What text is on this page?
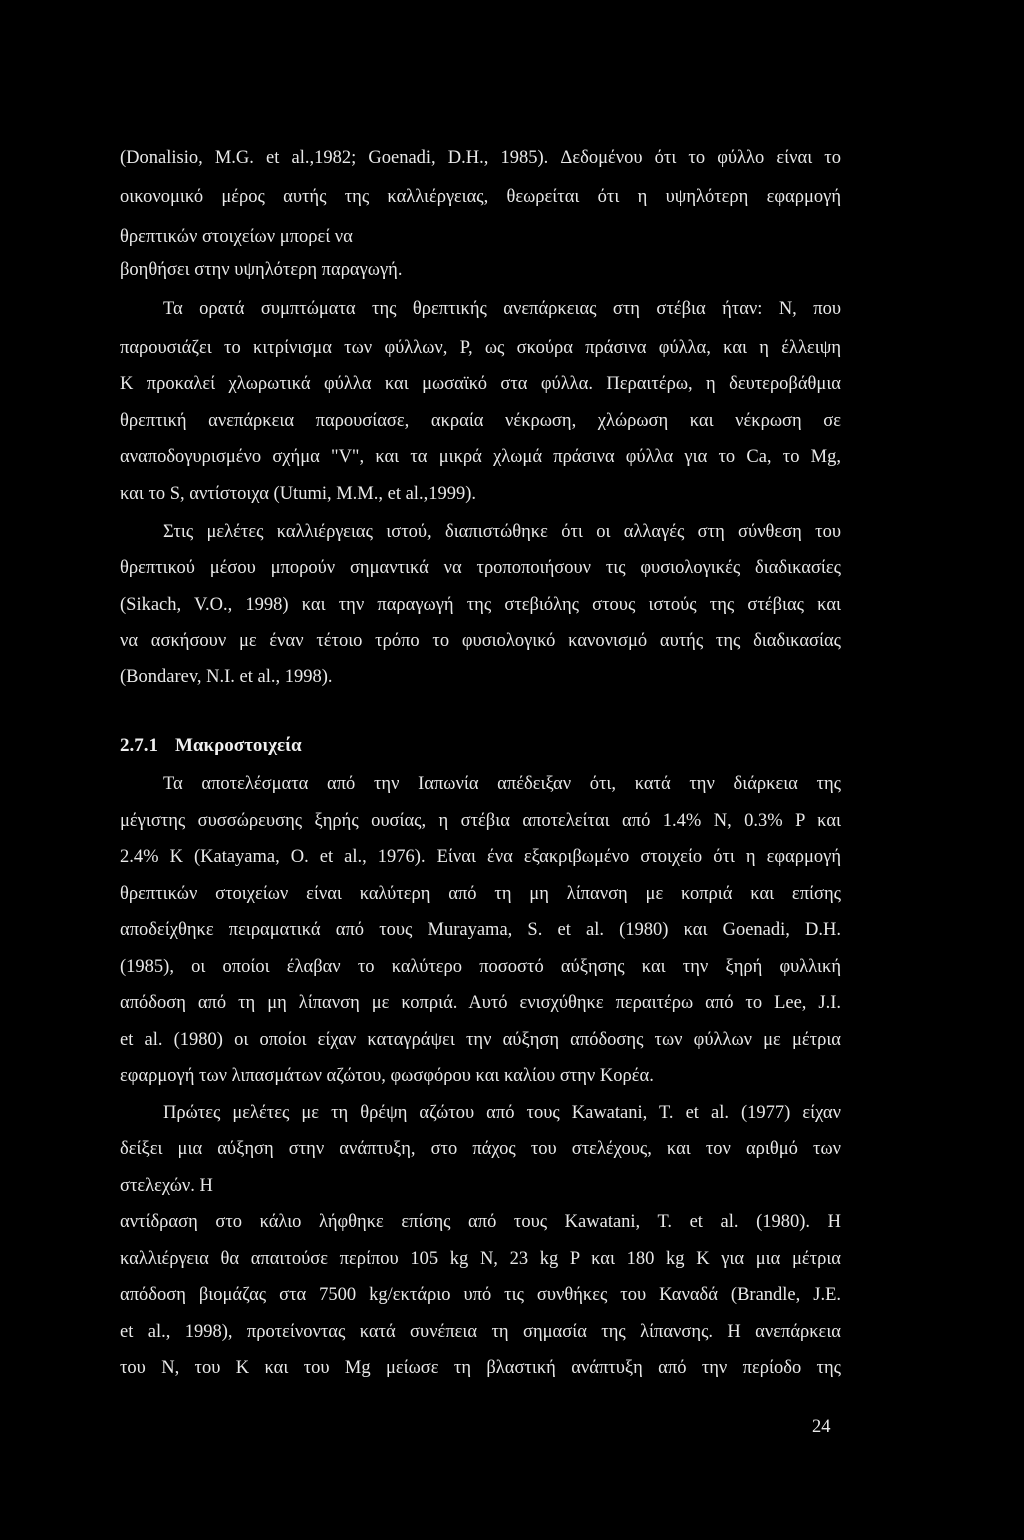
(Donalisio, M.G. et al.,1982; Goenadi, D.H., 1985). Δεδομένου ότι το φύλλο είναι το
οικονομικό μέρος αυτής της καλλιέργειας, θεωρείται ότι η υψηλότερη εφαρμογή
θρεπτικών στοιχείων μπορεί να
βοηθήσει στην υψηλότερη παραγωγή.
Τα ορατά συμπτώματα της θρεπτικής ανεπάρκειας στη στέβια ήταν: Ν, που
παρουσιάζει το κιτρίνισμα των φύλλων, P, ως σκούρα πράσινα φύλλα, και η έλλειψη
Κ προκαλεί χλωρωτικά φύλλα και μωσαϊκό στα φύλλα. Περαιτέρω, η δευτεροβάθμια
θρεπτική ανεπάρκεια παρουσίασε, ακραία νέκρωση, χλώρωση και νέκρωση σε
αναποδογυρισμένο σχήμα "V", και τα μικρά χλωμά πράσινα φύλλα για το Ca, το Mg,
και το S, αντίστοιχα (Utumi, M.M., et al.,1999).
Στις μελέτες καλλιέργειας ιστού, διαπιστώθηκε ότι οι αλλαγές στη σύνθεση του
θρεπτικού μέσου μπορούν σημαντικά να τροποποιήσουν τις φυσιολογικές διαδικασίες
(Sikach, V.O., 1998) και την παραγωγή της στεβιόλης στους ιστούς της στέβιας και
να ασκήσουν με έναν τέτοιο τρόπο το φυσιολογικό κανονισμό αυτής της διαδικασίας
(Bondarev, N.I. et al., 1998).
2.7.1 Μακροστοιχεία
Τα αποτελέσματα από την Ιαπωνία απέδειξαν ότι, κατά την διάρκεια της
μέγιστης συσσώρευσης ξηρής ουσίας, η στέβια αποτελείται από 1.4% N, 0.3% P και
2.4% K (Katayama, O. et al., 1976). Είναι ένα εξακριβωμένο στοιχείο ότι η εφαρμογή
θρεπτικών στοιχείων είναι καλύτερη από τη μη λίπανση με κοπριά και επίσης
αποδείχθηκε πειραματικά από τους Murayama, S. et al. (1980) και Goenadi, D.H.
(1985), οι οποίοι έλαβαν το καλύτερο ποσοστό αύξησης και την ξηρή φυλλική
απόδοση από τη μη λίπανση με κοπριά. Αυτό ενισχύθηκε περαιτέρω από το Lee, J.I.
et al. (1980) οι οποίοι είχαν καταγράψει την αύξηση απόδοσης των φύλλων με μέτρια
εφαρμογή των λιπασμάτων αζώτου, φωσφόρου και καλίου στην Κορέα.
Πρώτες μελέτες με τη θρέψη αζώτου από τους Kawatani, T. et al. (1977) είχαν
δείξει μια αύξηση στην ανάπτυξη, στο πάχος του στελέχους, και τον αριθμό των
στελεχών. Η
αντίδραση στο κάλιο λήφθηκε επίσης από τους Kawatani, T. et al. (1980). Η
καλλιέργεια θα απαιτούσε περίπου 105 kg N, 23 kg P και 180 kg K για μια μέτρια
απόδοση βιομάζας στα 7500 kg/εκτάριο υπό τις συνθήκες του Καναδά (Brandle, J.E.
et al., 1998), προτείνοντας κατά συνέπεια τη σημασία της λίπανσης. Η ανεπάρκεια
του N, του K και του Mg μείωσε τη βλαστική ανάπτυξη από την περίοδο της
24
